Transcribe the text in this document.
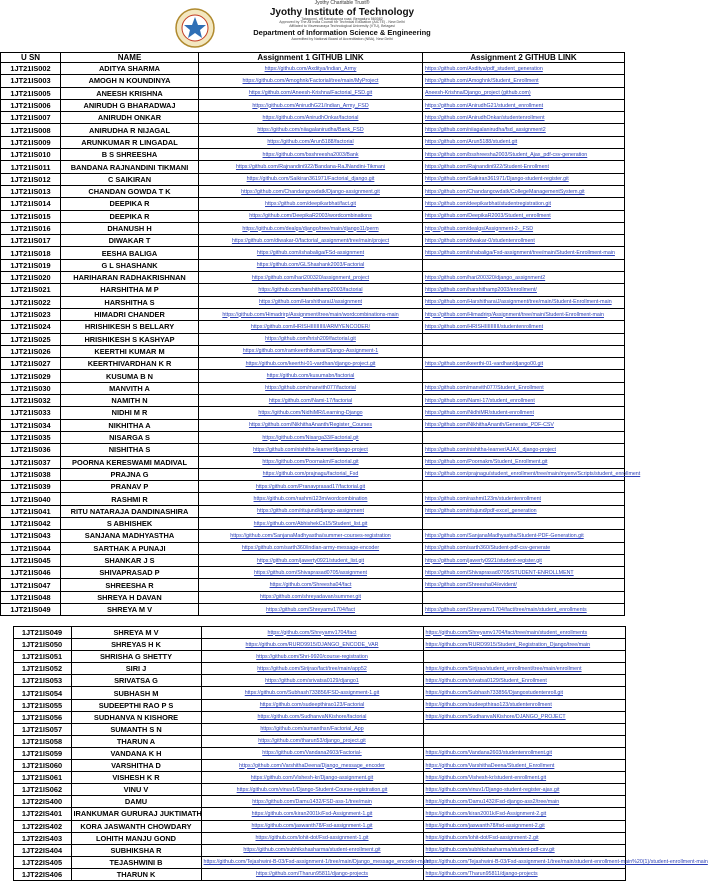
Jyothy Charitable Trust®
Jyothy Institute of Technology
Tatagunni, off Kanakapura road, Bengaluru 560082
Approved by The All India Council for Technical Education (AICTE) - New Delhi
Affiliated to Visvesvaraya Technological University (VTU), Belagavi
Department of Information Science & Engineering
Accredited by National Board of Accreditation (NBA), New Delhi
U SN	NAME	Assignment 1 GITHUB LINK	Assignment 2 GITHUB LINK
1JT21IS002	ADITYA SHARMA	https://github.com/Axditya/Indian_Army	https://github.com/Axditya/pdf_student_generation
1JT21IS003	AMOGH N KOUNDINYA	https://github.com/Amoghnk/Factorial/tree/main/MyProject	https://github.com/Amoghnk/Student_Enrollment
1JT21IS005	ANEESH KRISHNA	https://github.com/Aneesh-Krishna/Factorial_FSD.git	Aneesh-Krishna/Django_project (github.com)
1JT21IS006	ANIRUDH G BHARADWAJ	https://github.com/AnirudhG21/Indian_Army_FSD	https://github.com/AnirudhG21/student_enrollment
1JT21IS007	ANIRUDH ONKAR	https://github.com/AnirudhOnkar/factorial	https://github.com/AnirudhOnkar/studentenrollment
1JT21IS008	ANIRUDHA R NIJAGAL	https://github.com/niiagalanirudha/Bank_FSD	https://github.com/niiagalanirudha/fsd_assignment2
1JT21IS009	ARUNKUMAR R LINGADAL	https://github.com/Arun5188/factorial	https://github.com/Arun5188/student.git
1JT21IS010	B S SHREESHA	https://github.com/bsshreesha2003/Bank	https://github.com/bsshreesha2003/Student_Ajax_pdf-csv-generation
1JT21IS011	BANDANA RAJNANDINI TIKMANI	https://github.com/Rajnandini922/Bandana-RaJNandini-Tikmani	https://github.com/Rajnandini922/Student-Enrollment
1JT21IS012	C SAIKIRAN	https://github.com/Saikiran361971/Factorial_django.git	https://github.com/Saikiran361971/Django-student-register.git
1JT21IS013	CHANDAN GOWDA T K	https://github.com/Chandangowdatk/Django-assignment.git	https://github.com/Chandangowdatk/CollegeManagementSystem.git
1JT21IS014	DEEPIKA R	https://github.com/deepikarbhat/fact.git	https://github.com/deepikarbhat/studentregistration.git
1JT21IS015	DEEPIKA R	https://github.com/DeepikaR2003/wordcombinations	https://github.com/DeepikaR2003/Student_enrollment
1JT21IS016	DHANUSH H	https://github.com/dealgs/django/tree/main/django11/perm	https://github.com/dealgs/Assignment-2-_FSD
1JT21IS017	DIWAKAR T	https://github.com/diwakar-0/factorial_assignment/tree/main/project	https://github.com/diwakar-0/studentenrollment
1JT21IS018	EESHA BALIGA	https://github.com/ishabaliga/FSd-assignment	https://github.com/ishabaliga/Fsd-assignment/tree/main/Student-Enrollment-main
1JT21IS019	G L SHASHANK	https://github.com/GLShashank2003/Factorial	
1JT21IS020	HARIHARAN RADHAKRISHNAN	https://github.com/hari200320/assignment_project	https://github.com/hari200320/django_assignment2
1JT21IS021	HARSHITHA M P	https://github.com/harshithamp2003/factorial	https://github.com/harshithamp2003/enrollment/
1JT21IS022	HARSHITHA S	https://github.com/HarshitharaiJ/assignment	https://github.com/HarshitharaiJ/assignment/tree/main/Student-Enrollment-main
1JT21IS023	HIMADRI CHANDER	https://github.com/Himadrirp/Assignment/tree/main/wordcombinations-main	https://github.com/Himadrirp/Assignment/tree/main/Student-Enrollment-main
1JT21IS024	HRISHIKESH S BELLARY	https://github.com/HRISHIIIIIIIIII/ARMYENCODER/	https://github.com/HRISHIIIIIIIIII/studentenrollment
1JT21IS025	HRISHIKESH S KASHYAP	https://github.com/hrish209/factorial.git	
1JT21IS026	KEERTHI KUMAR M	https://github.com/ramkeerthikumar/Django-Assignment-1	
1JT21IS027	KEERTHIVARDHAN K R	https://github.com/keerthi-01-vardhan/django-project.git	https://github.com/keerthi-01-vardhan/django00.git
1JT21IS029	KUSUMA B N	https://github.com/kusumabn/factorial	
1JT21IS030	MANVITH A	https://github.com/manvith077/factorial	https://github.com/manvith077/Student_Enrollment
1JT21IS032	NAMITH N	https://github.com/Nami-17/factorial	https://github.com/Nami-17/student_enrollment
1JT21IS033	NIDHI M R	https://github.com/NidhiMR/Learning-Django	https://github.com/NidhiMR/student-enrollment
1JT21IS034	NIKHITHA A	https://github.com/NikhithaAnanth/Register_Courses	https://github.com/NikhithaAnanth/Generate_PDF-CSV
1JT21IS035	NISARGA S	https://github.com/Nisarga33/Factorial.git	
1JT21IS036	NISHITHA S	https://github.com/nishitha-learner/django-project	https://github.com/nishitha-learner/AJAX_django-project
1JT21IS037	POORNA KERESWAMI MADIVAL	https://github.com/Poornakm/Factorial.git	https://github.com/Poornakm/Student_Enrollment.git
1JT21IS038	PRAJNA G	https://github.com/prajnagu/factorial_Fsd	https://github.com/prajnagu/student_enrollment/tree/main/myenv/Scripts/student_enrollment
1JT21IS039	PRANAV P	https://github.com/Pranavprasad17/factorial.git	
1JT21IS040	RASHMI R	https://github.com/rashmi123m/wordcombination	https://github.com/rashmi123m/studentenrollment
1JT21IS041	RITU NATARAJA DANDINASHIRA	https://github.com/ritujund/django-assignment	https://github.com/ritujund/pdf-excel_generation
1JT21IS042	S ABHISHEK	https://github.com/AbhishekCs15/Student_list.git	
1JT21IS043	SANJANA MADHYASTHA	https://github.com/SanjanaMadhyastha/summer-courses-registration	https://github.com/SanjanaMadhyastha/Student-PDF-Generation.git
1JT21IS044	SARTHAK A PUNAJI	https://github.com/sarth360/indian-army-message-encoder	https://github.com/sarth360/Student-pdf-csv-generate
1JT21IS045	SHANKAR J S	https://github.com/jawerty0921/student_list.git	https://github.com/jawerty0921/student-register.git
1JT21IS046	SHIVAPRASAD P	https://github.com/Shivaprasad0705/assignment	https://github.com/Shivaprasad0705/STUDENT-ENROLLMENT
1JT21IS047	SHREESHA R	https://github.com/Shreesha04/fact	https://github.com/Shreesha04/evident/
1JT21IS048	SHREYA H DAVAN	https://github.com/shreyadavan/summer.git	
1JT21IS049	SHREYA M V	https://github.com/Shreyamv1704/fact	https://github.com/Shreyamv1704/fact/tree/main/student_enrollments
	1JT21IS049	SHREYA M V	https://github.com/Shreyamv1704/fact	https://github.com/Shreyamv1704/fact/tree/main/student_enrollments
	1JT21IS050	SHREYAS H K	https://github.com/RURD9915/DJANGO_ENCODE_VAR	https://github.com/RURD9915/Student_Registration_Django/tree/main
	1JT21IS051	SHRISHA G SHETTY	https://github.com/Shri-9920/course-registration	
	1JT21IS052	SIRI J	https://github.com/Sirijrao/fact/tree/main/app52	https://github.com/Sirijrao/student_enrollment/tree/main/enrollment
	1JT21IS053	SRIVATSA G	https://github.com/srivatsa0129/django1	https://github.com/srivatsa0129/Student_Enrollment
	1JT21IS054	SUBHASH M	https://github.com/Subhash733856/FSD-assignment-1.git	https://github.com/Subhash733856/Djangostudentenroll.git
	1JT21IS055	SUDEEPTHI RAO P S	https://github.com/sudeepthirao123/Factorial	https://github.com/sudeepthirao123/studentenrollment
	1JT21IS056	SUDHANVA N KISHORE	https://github.com/SudhanvaNKishore/factorial	https://github.com/SudhanvaNKishore/DJANGO_PROJECT
	1JT21IS057	SUMANTH S N	https://github.com/sumanthsn/Factorial_App	
	1JT21IS058	THARUN A	https://github.com/tharun53/django_project.git	
	1JT21IS059	VANDANA K H	https://github.com/Vandana2603/Factorial-	https://github.com/Vandana2603/studentenrollment.git
	1JT21IS060	VARSHITHA D	https://github.com/VarshithaDeena/Django_message_encoder	https://github.com/VarshithaDeena/Student_Enrollment
	1JT21IS061	VISHESH K R	https://github.com/Vishesh-kr/Django-assignment.git	https://github.com/Vishesh-kr/student-enrollment.git
	1JT21IS062	VINU V	https://github.com/vinuv1/Django-Student-Course-registration.git	https://github.com/vinuv1/Django-student-register-ajax.git
	1JT22IS400	DAMU	https://github.com/Damu1432/FSD-ass-1/tree/main	https://github.com/Damu1432/Fsd-django-ass2/tree/main
	1JT22IS401	IRANKUMAR GURURAJ JUKTIMATH	https://github.com/kiran2001k/Fsd-Assignment-1.git	https://github.com/kiran2001k/Fsd-Assignment-2.git
	1JT22IS402	KORA JASWANTH CHOWDARY	https://github.com/jaswanth78/Fsd-assignment-1.git	https://github.com/jaswanth78/fsd-assignment-2.git
	1JT22IS403	LOHITH MANJU GOND	https://github.com/lohit-dot/Fsd-assignment-1.git	https://github.com/lohit-dot/Fsd-assignment-2.git
	1JT22IS404	SUBHIKSHA R	https://github.com/subhikshasharma/student-enrollment.git	https://github.com/subhikshasharma/student-pdf-csv.git
	1JT22IS405	TEJASHWINI B	https://github.com/Tejashwini-B-03/Fsd-assignment-1/tree/main/Django_message_encoder-main	https://github.com/Tejashwini-B-03/Fsd-assignment-1/tree/main/student-enrollment-main%20(1)/student-enrollment-main
	1JT22IS406	THARUN K	https://github.com/Tharun95811/django-projects	https://github.com/Tharun95811/django-projects
